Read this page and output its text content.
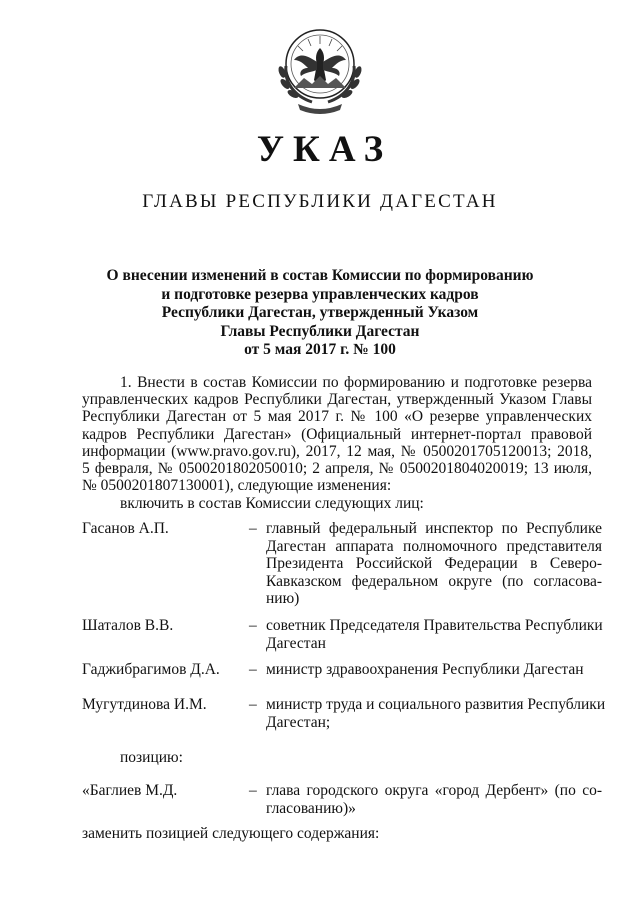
УКАЗ
ГЛАВЫ РЕСПУБЛИКИ ДАГЕСТАН
О внесении изменений в состав Комиссии по формированию
и подготовке резерва управленческих кадров
Республики Дагестан, утвержденный Указом
Главы Республики Дагестан
от 5 мая 2017 г. № 100
1. Внести в состав Комиссии по формированию и подготовке резерва
управленческих кадров Республики Дагестан, утвержденный Указом Главы
Республики Дагестан от 5 мая 2017 г. № 100 «О резерве управленческих
кадров Республики Дагестан» (Официальный интернет-портал правовой
информации (www.pravo.gov.ru), 2017, 12 мая, № 0500201705120013; 2018,
5 февраля, № 0500201802050010; 2 апреля, № 0500201804020019; 13 июля,
№ 0500201807130001), следующие изменения:
включить в состав Комиссии следующих лиц:
Гасанов А.П.	– главный федеральный инспектор по Республике
Дагестан аппарата полномочного представителя
Президента Российской Федерации в Северо-
Кавказском федеральном округе (по согласова-
нию)
Шаталов В.В.	– советник Председателя Правительства Республики
Дагестан
Гаджибрагимов Д.А. – министр здравоохранения Республики Дагестан
Мугутдинова И.М.	– министр труда и социального развития Республики
Дагестан;
позицию:
«Баглиев М.Д.	– глава городского округа «город Дербент» (по со-
гласованию)»
заменить позицией следующего содержания:
